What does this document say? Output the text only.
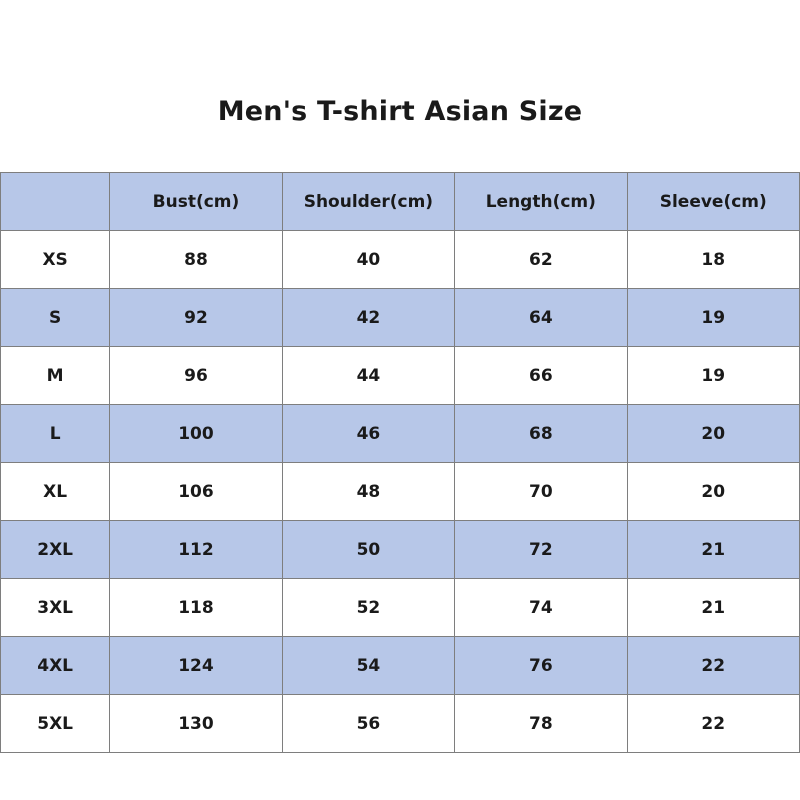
Men's T-shirt Asian Size
	Bust(cm)	Shoulder(cm)	Length(cm)	Sleeve(cm)
XS	88	40	62	18
S	92	42	64	19
M	96	44	66	19
L	100	46	68	20
XL	106	48	70	20
2XL	112	50	72	21
3XL	118	52	74	21
4XL	124	54	76	22
5XL	130	56	78	22
